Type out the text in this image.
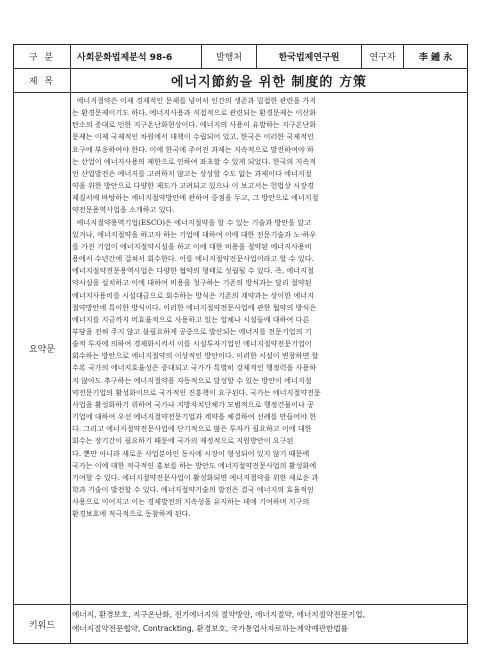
구 분	사회문화법제분석 98-6	발행처	한국법제연구원	연구자	李 鍾 永
제 목	에너지節約을 위한 制度的 方策
요약문
에너지절약은 이제 경제적인 문제를 넘어서 인간의 생존과 밀접한 관련을 가지
는 환경문제이기도 하다. 에너지사용과 직접적으로 관련되는 환경문제는 이산화
탄소의 증대로 인한 지구온난화현상이다. 에너지의 사용이 유발하는 지구온난화
문제는 이제 국제적인 차원에서 대책이 수립되어 있고, 한국은 이러한 국제적인
요구에 부응하여야 한다. 이에 한국에 주어진 과제는 지속적으로 발전하여야 하
는 산업이 에너지사용의 제한으로 인하여 좌초할 수 있게 되었다. 한국의 지속적
인 산업발전은 에너지를 고려하지 않고는 상상할 수도 없는 과제이다 에너지절
약을 위한 방안으로 다양한 제도가 고려되고 있으나 이 보고서는 헌법상 시장경
제질서에 바탕하는 에너지절약방안에 관하여 중점을 두고, 그 방안으로 에너지절
약전문용역사업을 소개하고 있다.
에너지절약용역기업(ESCO)은 에너지절약을 할 수 있는 기술과 방안을 알고
있거나, 에너지절약을 하고자 하는 기업에 대하여 이에 대한 전문기술과 노-하우
를 가진 기업이 에너지절약시설을 하고 이에 대한 비용을 절약된 에너지사용비
용에서 수년간에 걸쳐서 회수한다. 이를 에너지절약전문사업이라고 할 수 있다.
에너지절약전문용역사업은 다양한 협약의 형태로 성립될 수 있다. 즉, 에너지절
약시설을 설치하고 이에 대하여 비용을 청구하는 기존의 방식과는 달리 절약된
에너지사용비를 시설대금으로 회수하는 방식은 기존의 계약과는 상이한 에너지
절약방안에 특이한 방식이다. 이러한 에너지절약전문사업에 관한 협약의 방식은
에너지를 지금까지 비효율적으로 사용하고 있는 업체나 시설들에 대하여 다른
부담을 전혀 주지 않고 불필요하게 공중으로 발산되는 에너지를 전문기업의 기
술적 투자에 의하여 경제화시켜서 이를 시설투자기업인 에너지절약전문기업이
회수하는 방안으로 에너지절약의 이상적인 방안이다. 이러한 시설이 변창하면 할
수록 국가의 에너지효율성은 증대되고 국가가 특별히 강제적인 행정력을 사용하
지 않아도 추구하는 에너지절약을 자동적으로 달성할 수 있는 방안이 에너지절
약전문기업의 활성화이므로 국가적인 진흥책이 요구된다. 국가는 에너지절약전문
사업을 활성화하기 위하여 국가나 지방자치단체가 모범적으로 행정건물이나 공
기업에 대하여 우선 에너지절약전문기업과 계약을 체결하여 선례를 만들어야 한
다. 그리고 에너지절약전문사업에 단기적으로 많은 투자가 필요하고 이에 대한
회수는 장기간이 필요하기 때문에 국가의 재정적으로 지원방안이 요구된
다. 뿐만 아니라 새로운 사업분야인 동시에 시장이 형성되어 있지 않기 때문에
국가는 이에 대한 적극적인 홍보를 하는 방안도 에너지절약전문사업의 활성화에
기여할 수 있다. 에너지절약전문사업이 활성화되면 에너지절약을 위한 새로운 과
학과 기술이 발전할 수 있다. 에너지절약기술의 발전은 결국 에너지의 효율적인
사용으로 이어지고 이는 경제발전의 지속성을 유지하는 데에 기여하며 지구의
환경보호에 적극적으로 동참하게 된다.
키워드
에너지, 환경보호, 지구온난화, 전기에너지의 절약방안, 에너지절약, 에너지절약전문기업,
에너지절약전문협약, Contrackting, 환경보호, 국가통업사자로하는계약예관한법률
